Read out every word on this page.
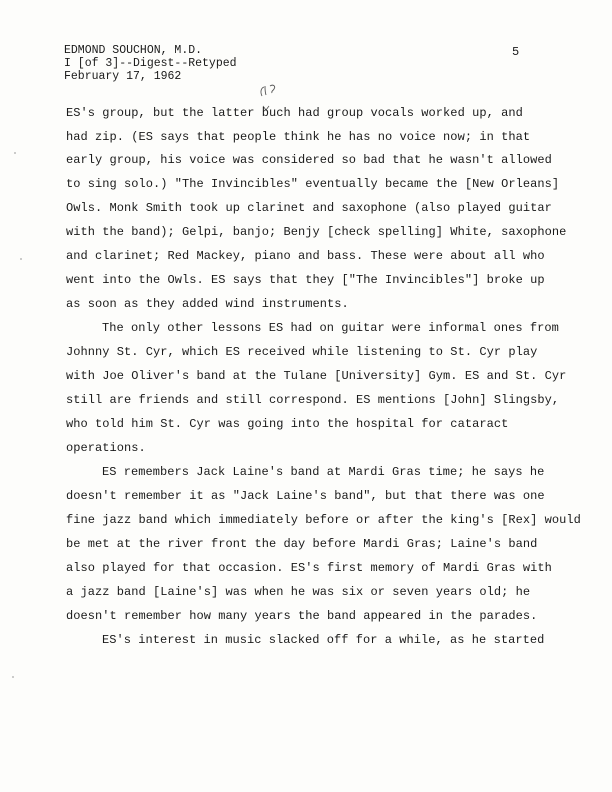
EDMOND SOUCHON, M.D.
I [of 3]--Digest--Retyped
February 17, 1962
5
ES's group, but the latter buch had group vocals worked up, and
had zip. (ES says that people think he has no voice now; in that
early group, his voice was considered so bad that he wasn't allowed
to sing solo.) "The Invincibles" eventually became the [New Orleans]
Owls. Monk Smith took up clarinet and saxophone (also played guitar
with the band); Gelpi, banjo; Benjy [check spelling] White, saxophone
and clarinet; Red Mackey, piano and bass. These were about all who
went into the Owls. ES says that they ["The Invincibles"] broke up
as soon as they added wind instruments.
The only other lessons ES had on guitar were informal ones from
Johnny St. Cyr, which ES received while listening to St. Cyr play
with Joe Oliver's band at the Tulane [University] Gym. ES and St. Cyr
still are friends and still correspond. ES mentions [John] Slingsby,
who told him St. Cyr was going into the hospital for cataract
operations.
ES remembers Jack Laine's band at Mardi Gras time; he says he
doesn't remember it as "Jack Laine's band", but that there was one
fine jazz band which immediately before or after the king's [Rex] would
be met at the river front the day before Mardi Gras; Laine's band
also played for that occasion. ES's first memory of Mardi Gras with
a jazz band [Laine's] was when he was six or seven years old; he
doesn't remember how many years the band appeared in the parades.
ES's interest in music slacked off for a while, as he started
